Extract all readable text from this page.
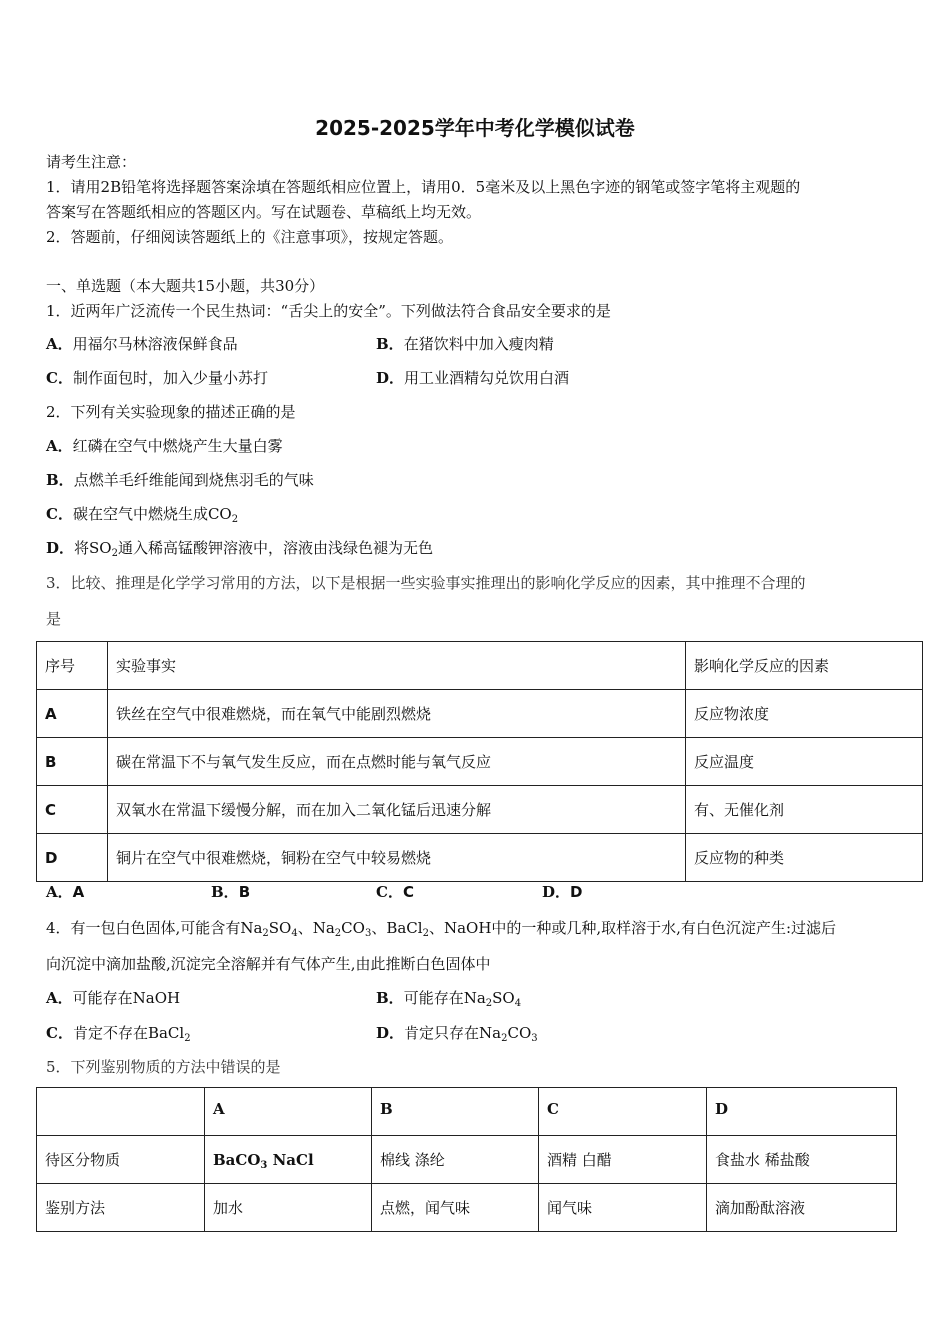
2025-2025学年中考化学模似试卷
请考生注意：
1．请用2B铅笔将选择题答案涂填在答题纸相应位置上，请用0．5毫米及以上黑色字迹的钢笔或签字笔将主观题的
答案写在答题纸相应的答题区内。写在试题卷、草稿纸上均无效。
2．答题前，仔细阅读答题纸上的《注意事项》，按规定答题。
一、单选题（本大题共15小题，共30分）
1．近两年广泛流传一个民生热词：“舌尖上的安全”。下列做法符合食品安全要求的是
A．用福尔马林溶液保鲜食品	B．在猪饮料中加入瘦肉精
C．制作面包时，加入少量小苏打	D．用工业酒精勾兑饮用白酒
2．下列有关实验现象的描述正确的是
A．红磷在空气中燃烧产生大量白雾
B．点燃羊毛纤维能闻到烧焦羽毛的气味
C．碳在空气中燃烧生成$CO_2$
D．将$SO_2$通入稀高锰酸钾溶液中，溶液由浅绿色褪为无色
3．比较、推理是化学学习常用的方法，以下是根据一些实验事实推理出的影响化学反应的因素，其中推理不合理的
是
序号	实验事实	影响化学反应的因素
A	铁丝在空气中很难燃烧，而在氧气中能剧烈燃烧	反应物浓度
B	碳在常温下不与氧气发生反应，而在点燃时能与氧气反应	反应温度
C	双氧水在常温下缓慢分解，而在加入二氧化锰后迅速分解	有、无催化剂
D	铜片在空气中很难燃烧，铜粉在空气中较易燃烧	反应物的种类
A．A	B．B	C．C	D．D
4．有一包白色固体,可能含有$Na_2SO_4$、$Na_2CO_3$、BaCl$_2$、NaOH中的一种或几种,取样溶于水,有白色沉淀产生:过滤后
向沉淀中滴加盐酸,沉淀完全溶解并有气体产生,由此推断白色固体中
A．可能存在NaOH	B．可能存在$Na_2SO_4$
C．肯定不存在BaCl$_2$	D．肯定只存在$Na_2CO_3$
5．下列鉴别物质的方法中错误的是
	A	B	C	D
待区分物质	BaCO$_3$ NaCl	棉线 涤纶	酒精 白醋	食盐水 稀盐酸
鉴别方法	加水	点燃，闻气味	闻气味	滴加酚酞溶液
